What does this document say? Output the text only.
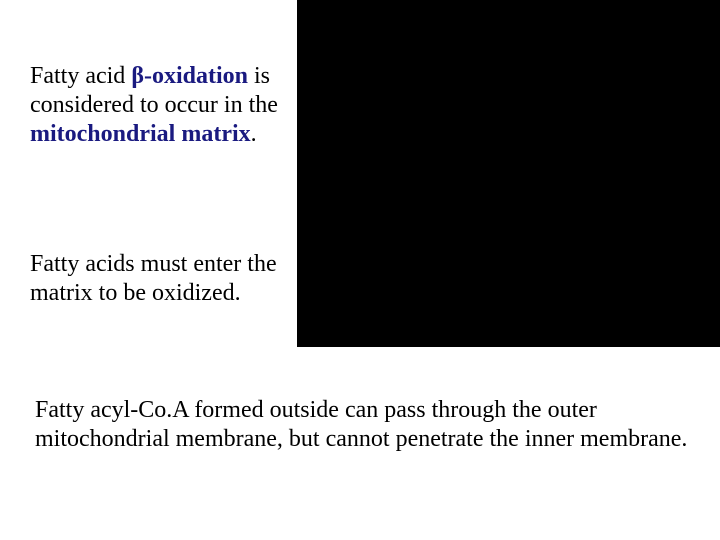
Fatty acid β-oxidation is considered to occur in the mitochondrial matrix.

Fatty acids must enter the matrix to be oxidized.

Fatty acyl-Co.A formed outside can pass through the outer mitochondrial membrane, but cannot penetrate the inner membrane.
